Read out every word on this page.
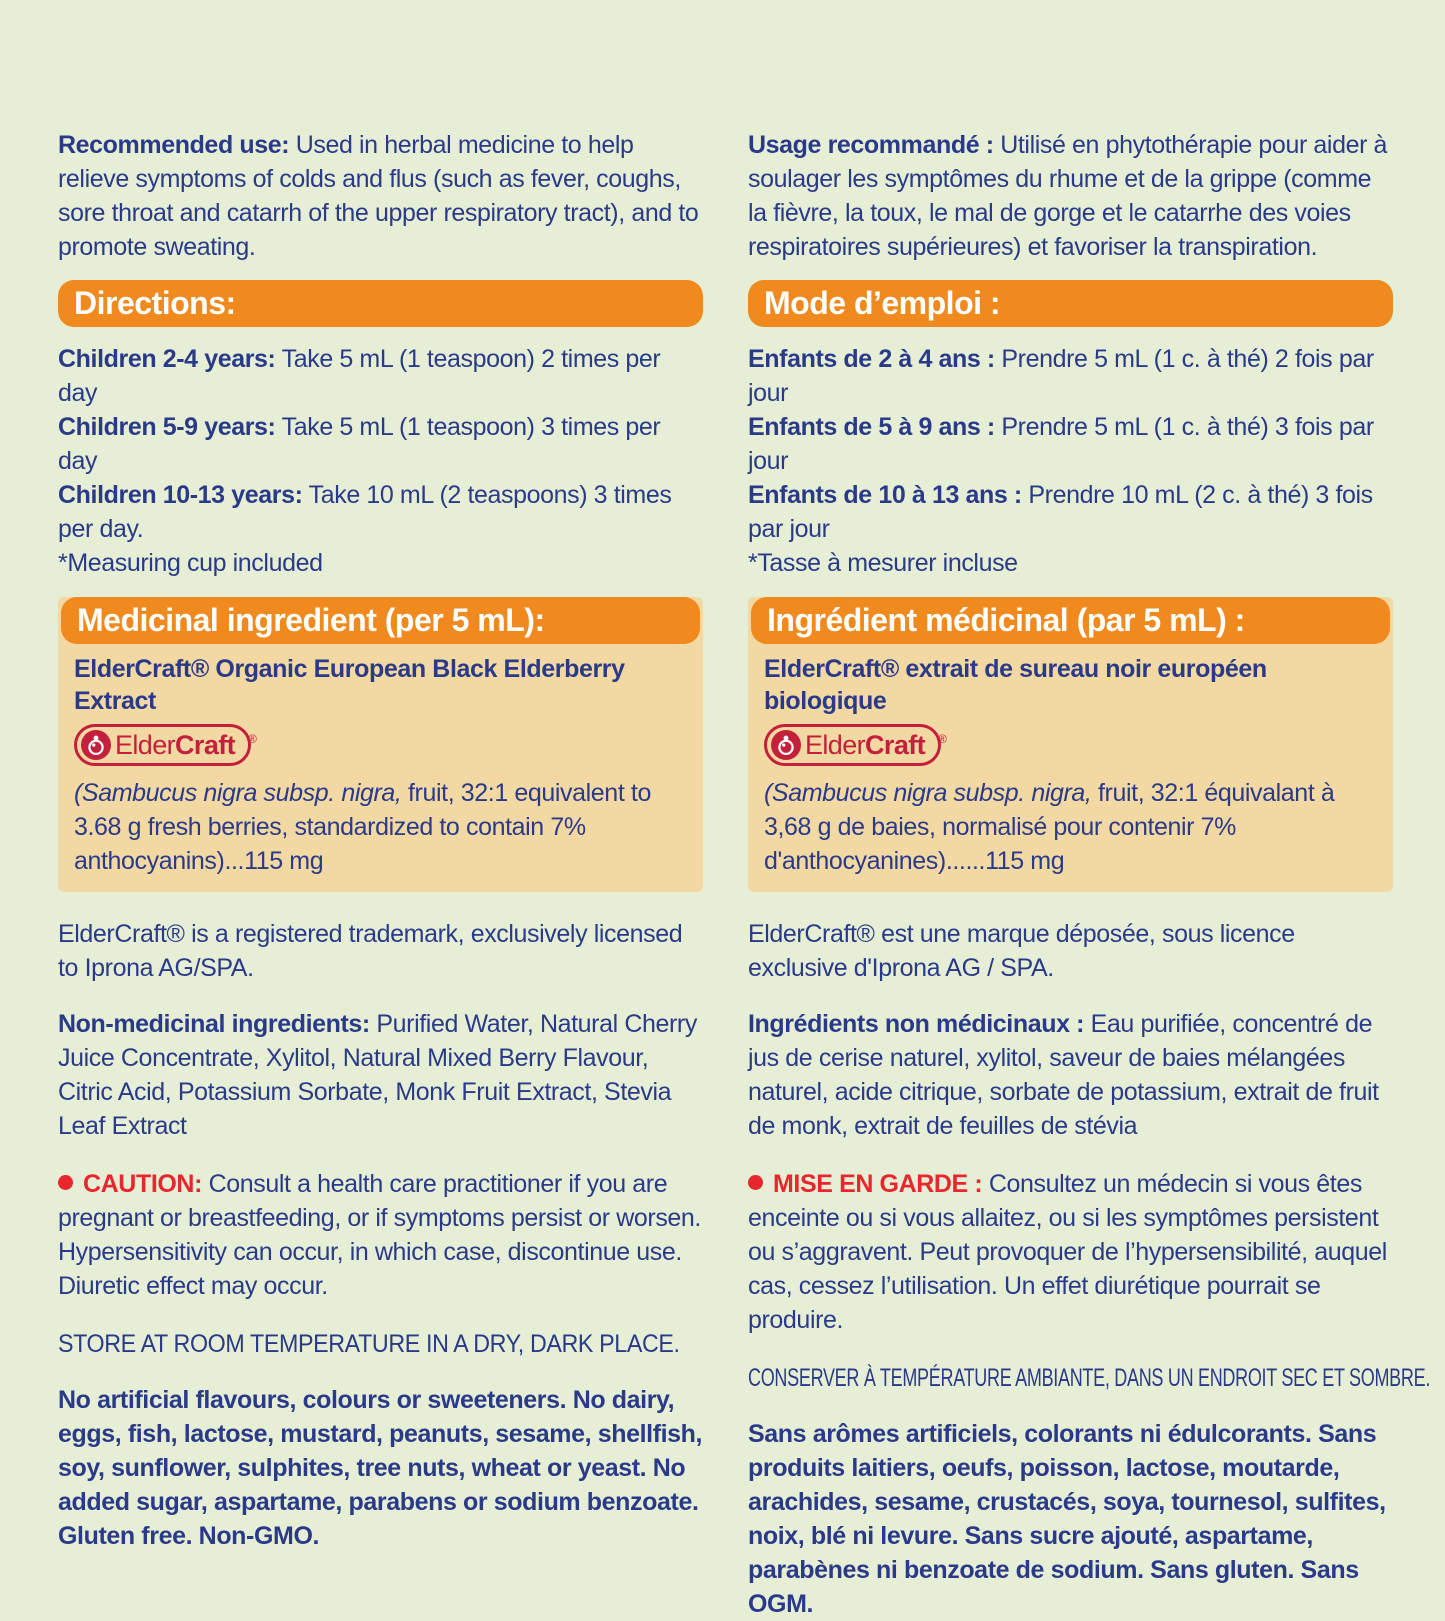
Recommended use: Used in herbal medicine to help relieve symptoms of colds and flus (such as fever, coughs, sore throat and catarrh of the upper respiratory tract), and to promote sweating.

Directions:

Children 2-4 years: Take 5 mL (1 teaspoon) 2 times per day

Children 5-9 years: Take 5 mL (1 teaspoon) 3 times per day

Children 10-13 years: Take 10 mL (2 teaspoons) 3 times per day.

*Measuring cup included

Medicinal ingredient (per 5 mL):

ElderCraft® Organic European Black Elderberry Extract

ElderCraft ®

(Sambucus nigra subsp. nigra, fruit, 32:1 equivalent to 3.68 g fresh berries, standardized to contain 7% anthocyanins)...115 mg

ElderCraft® is a registered trademark, exclusively licensed to Iprona AG/SPA.

Non-medicinal ingredients: Purified Water, Natural Cherry Juice Concentrate, Xylitol, Natural Mixed Berry Flavour, Citric Acid, Potassium Sorbate, Monk Fruit Extract, Stevia Leaf Extract

CAUTION: Consult a health care practitioner if you are pregnant or breastfeeding, or if symptoms persist or worsen. Hypersensitivity can occur, in which case, discontinue use. Diuretic effect may occur.

STORE AT ROOM TEMPERATURE IN A DRY, DARK PLACE.

No artificial flavours, colours or sweeteners. No dairy, eggs, fish, lactose, mustard, peanuts, sesame, shellfish, soy, sunflower, sulphites, tree nuts, wheat or yeast. No added sugar, aspartame, parabens or sodium benzoate. Gluten free. Non-GMO.

Usage recommandé : Utilisé en phytothérapie pour aider à soulager les symptômes du rhume et de la grippe (comme la fièvre, la toux, le mal de gorge et le catarrhe des voies respiratoires supérieures) et favoriser la transpiration.

Mode d’emploi :

Enfants de 2 à 4 ans : Prendre 5 mL (1 c. à thé) 2 fois par jour

Enfants de 5 à 9 ans : Prendre 5 mL (1 c. à thé) 3 fois par jour

Enfants de 10 à 13 ans : Prendre 10 mL (2 c. à thé) 3 fois par jour

*Tasse à mesurer incluse

Ingrédient médicinal (par 5 mL) :

ElderCraft® extrait de sureau noir européen biologique

ElderCraft ®

(Sambucus nigra subsp. nigra, fruit, 32:1 équivalant à 3,68 g de baies, normalisé pour contenir 7% d'anthocyanines)......115 mg

ElderCraft® est une marque déposée, sous licence exclusive d'Iprona AG / SPA.

Ingrédients non médicinaux : Eau purifiée, concentré de jus de cerise naturel, xylitol, saveur de baies mélangées naturel, acide citrique, sorbate de potassium, extrait de fruit de monk, extrait de feuilles de stévia

MISE EN GARDE : Consultez un médecin si vous êtes enceinte ou si vous allaitez, ou si les symptômes persistent ou s’aggravent. Peut provoquer de l’hypersensibilité, auquel cas, cessez l’utilisation. Un effet diurétique pourrait se produire.

CONSERVER À TEMPÉRATURE AMBIANTE, DANS UN ENDROIT SEC ET SOMBRE.

Sans arômes artificiels, colorants ni édulcorants. Sans produits laitiers, oeufs, poisson, lactose, moutarde, arachides, sesame, crustacés, soya, tournesol, sulfites, noix, blé ni levure. Sans sucre ajouté, aspartame, parabènes ni benzoate de sodium. Sans gluten. Sans OGM.
